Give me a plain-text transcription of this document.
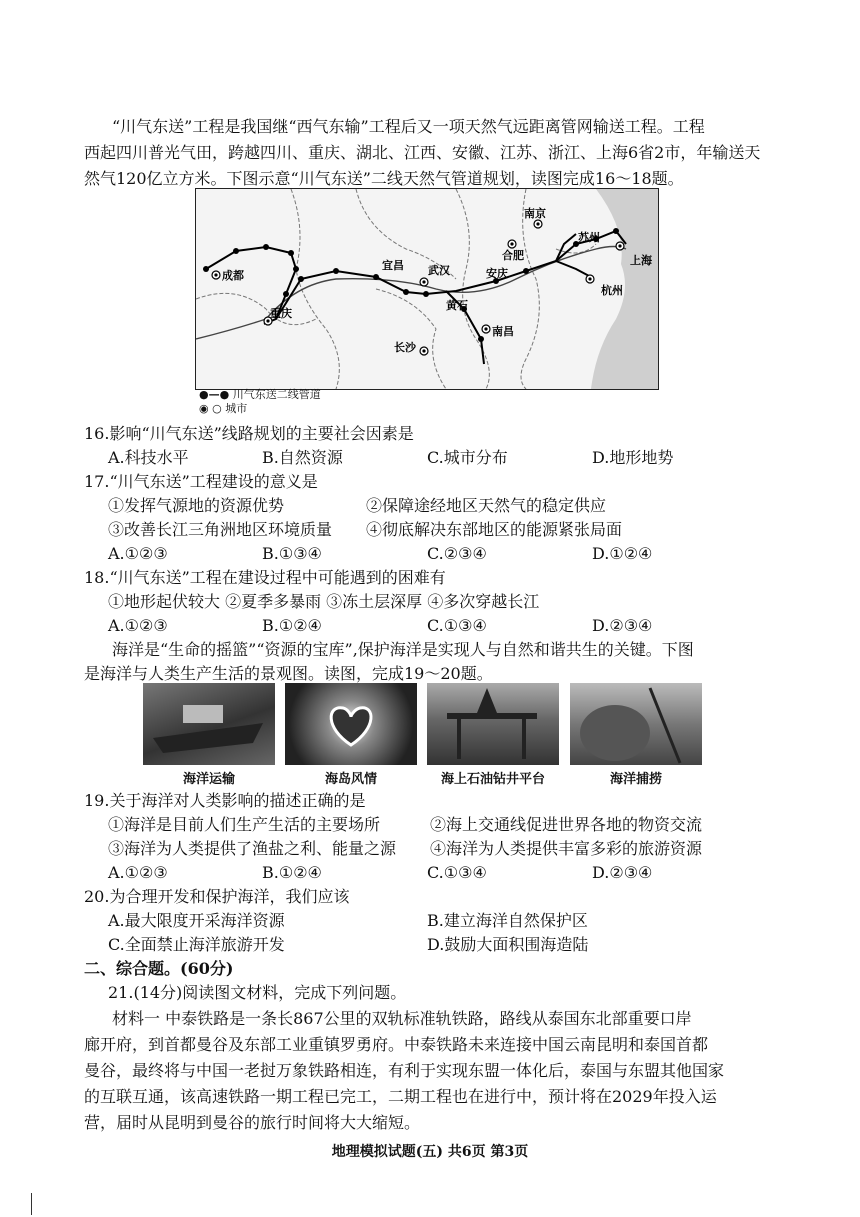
“川气东送”工程是我国继“西气东输”工程后又一项天然气远距离管网输送工程。工程
西起四川普光气田，跨越四川、重庆、湖北、江西、安徽、江苏、浙江、上海6省2市，年输送天
然气120亿立方米。下图示意“川气东送”二线天然气管道规划，读图完成16～18题。
成都
重庆
宜昌 武汉
黄石
安庆
合肥
南京
苏州
上海
杭州
南昌
长沙
●—● 川气东送二线管道
◉ ○ 城市
16.影响“川气东送”线路规划的主要社会因素是
A.科技水平	B.自然资源	C.城市分布	D.地形地势
17.“川气东送”工程建设的意义是
①发挥气源地的资源优势	②保障途经地区天然气的稳定供应
③改善长江三角洲地区环境质量 ④彻底解决东部地区的能源紧张局面
A.①②③	B.①③④	C.②③④	D.①②④
18.“川气东送”工程在建设过程中可能遇到的困难有
①地形起伏较大 ②夏季多暴雨 ③冻土层深厚 ④多次穿越长江
A.①②③	B.①②④	C.①③④	D.②③④
海洋是“生命的摇篮”“资源的宝库”,保护海洋是实现人与自然和谐共生的关键。下图
是海洋与人类生产生活的景观图。读图，完成19～20题。
海洋运输	海岛风情	海上石油钻井平台	海洋捕捞
19.关于海洋对人类影响的描述正确的是
①海洋是目前人们生产生活的主要场所	②海上交通线促进世界各地的物资交流
③海洋为人类提供了渔盐之利、能量之源 ④海洋为人类提供丰富多彩的旅游资源
A.①②③	B.①②④	C.①③④	D.②③④
20.为合理开发和保护海洋，我们应该
A.最大限度开采海洋资源	B.建立海洋自然保护区
C.全面禁止海洋旅游开发	D.鼓励大面积围海造陆
二、综合题。(60分)
21.(14分)阅读图文材料，完成下列问题。
材料一 中泰铁路是一条长867公里的双轨标准轨铁路，路线从泰国东北部重要口岸
廊开府，到首都曼谷及东部工业重镇罗勇府。中泰铁路未来连接中国云南昆明和泰国首都
曼谷，最终将与中国一老挝万象铁路相连，有利于实现东盟一体化后，泰国与东盟其他国家
的互联互通，该高速铁路一期工程已完工，二期工程也在进行中，预计将在2029年投入运
营，届时从昆明到曼谷的旅行时间将大大缩短。
地理模拟试题(五) 共6页 第3页
